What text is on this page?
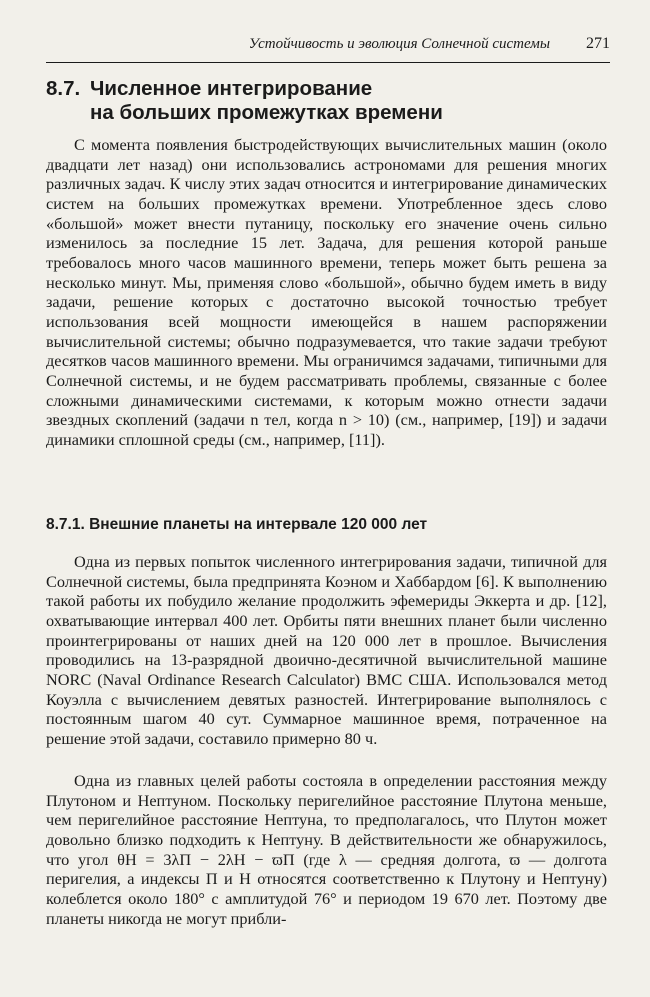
Устойчивость и эволюция Солнечной системы 271
8.7. Численное интегрирование
на больших промежутках времени

С момента появления быстродействующих вычислительных машин (около двадцати лет назад) они использовались астрономами для решения многих различных задач. К числу этих задач относится и интегрирование динамических систем на больших промежутках времени. Употребленное здесь слово «большой» может внести путаницу, поскольку его значение очень сильно изменилось за последние 15 лет. Задача, для решения которой раньше требовалось много часов машинного времени, теперь может быть решена за несколько минут. Мы, применяя слово «большой», обычно будем иметь в виду задачи, решение которых с достаточно высокой точностью требует использования всей мощности имеющейся в нашем распоряжении вычислительной системы; обычно подразумевается, что такие задачи требуют десятков часов машинного времени. Мы ограничимся задачами, типичными для Солнечной системы, и не будем рассматривать проблемы, связанные с более сложными динамическими системами, к которым можно отнести задачи звездных скоплений (задачи n тел, когда n > 10) (см., например, [19]) и задачи динамики сплошной среды (см., например, [11]).

8.7.1. Внешние планеты на интервале 120 000 лет

Одна из первых попыток численного интегрирования задачи, типичной для Солнечной системы, была предпринята Коэном и Хаббардом [6]. К выполнению такой работы их побудило желание продолжить эфемериды Эккерта и др. [12], охватывающие интервал 400 лет. Орбиты пяти внешних планет были численно проинтегрированы от наших дней на 120 000 лет в прошлое. Вычисления проводились на 13-разрядной двоично-десятичной вычислительной машине NORC (Naval Ordinance Research Calculator) ВМС США. Использовался метод Коуэлла с вычислением девятых разностей. Интегрирование выполнялось с постоянным шагом 40 сут. Суммарное машинное время, потраченное на решение этой задачи, составило примерно 80 ч.

Одна из главных целей работы состояла в определении расстояния между Плутоном и Нептуном. Поскольку перигелийное расстояние Плутона меньше, чем перигелийное расстояние Нептуна, то предполагалось, что Плутон может довольно близко подходить к Нептуну. В действительности же обнаружилось, что угол θН = 3λП − 2λН − ϖП (где λ — средняя долгота, ϖ — долгота перигелия, а индексы П и Н относятся соответственно к Плутону и Нептуну) колеблется около 180° с амплитудой 76° и периодом 19 670 лет. Поэтому две планеты никогда не могут прибли-
